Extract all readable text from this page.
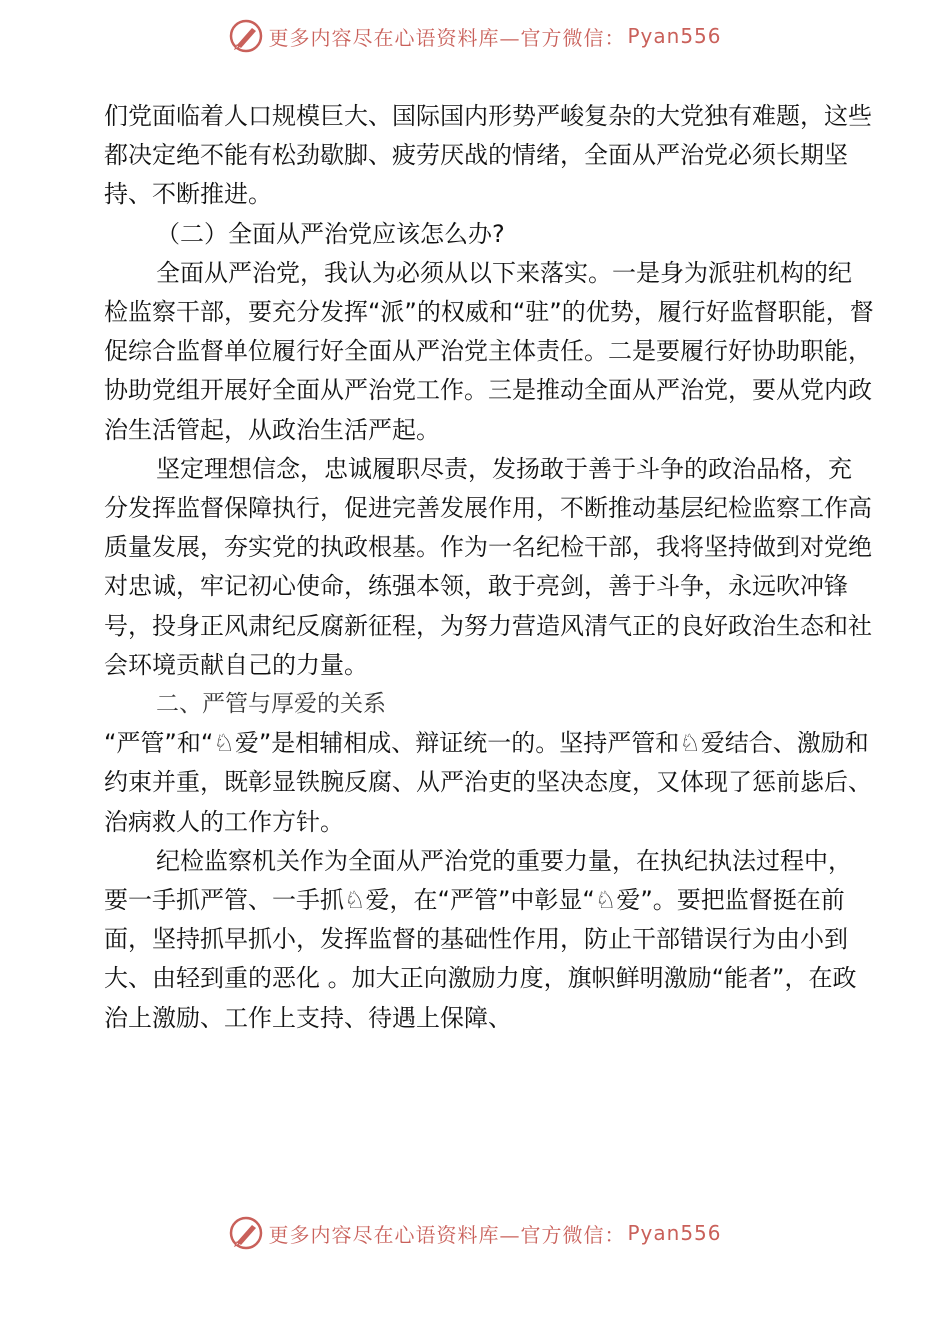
更多内容尽在心语资料库—官方微信： Pyan556

们党面临着人口规模巨大、国际国内形势严峻复杂的大党独有难题，这些都决定绝不能有松劲歇脚、疲劳厌战的情绪，全面从严治党必须长期坚持、不断推进。

（二）全面从严治党应该怎么办?

全面从严治党，我认为必须从以下来落实。一是身为派驻机构的纪检监察干部，要充分发挥“派”的权威和“驻”的优势，履行好监督职能，督促综合监督单位履行好全面从严治党主体责任。二是要履行好协助职能，协助党组开展好全面从严治党工作。三是推动全面从严治党，要从党内政治生活管起，从政治生活严起。

坚定理想信念，忠诚履职尽责，发扬敢于善于斗争的政治品格，充分发挥监督保障执行，促进完善发展作用，不断推动基层纪检监察工作高质量发展，夯实党的执政根基。作为一名纪检干部，我将坚持做到对党绝对忠诚，牢记初心使命，练强本领，敢于亮剑，善于斗争，永远吹冲锋号，投身正风肃纪反腐新征程，为努力营造风清气正的良好政治生态和社会环境贡献自己的力量。

二、严管与厚爱的关系

“严管”和“♘爱”是相辅相成、辩证统一的。坚持严管和♘爱结合、激励和约束并重，既彰显铁腕反腐、从严治吏的坚决态度，又体现了惩前毖后、治病救人的工作方针。

纪检监察机关作为全面从严治党的重要力量，在执纪执法过程中，要一手抓严管、一手抓♘爱，在“严管”中彰显“♘爱”。要把监督挺在前面，坚持抓早抓小，发挥监督的基础性作用，防止干部错误行为由小到大、由轻到重的恶化 。加大正向激励力度，旗帜鲜明激励“能者”，在政治上激励、工作上支持、待遇上保障、

更多内容尽在心语资料库—官方微信： Pyan556
